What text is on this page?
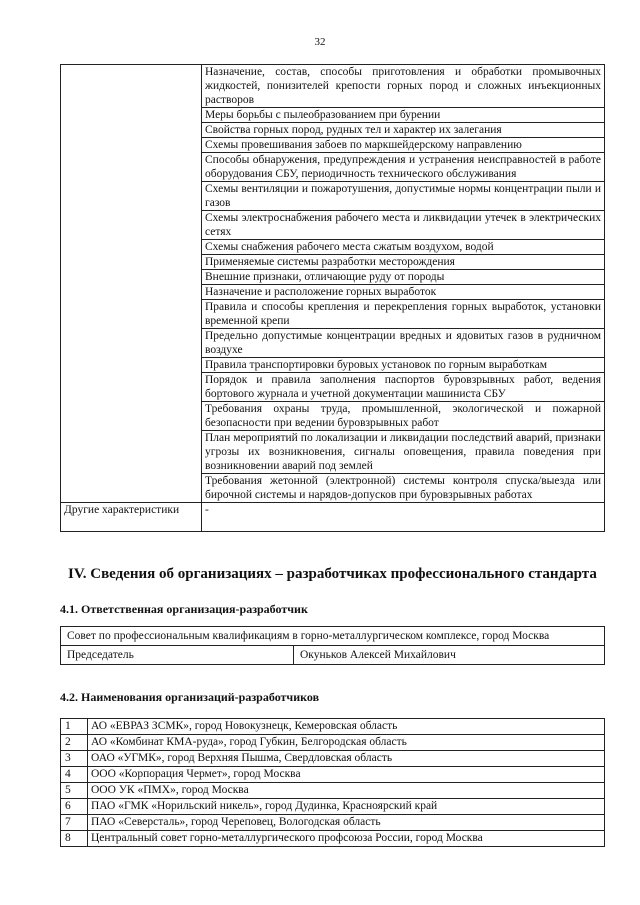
32
	Назначение, состав, способы приготовления и обработки промывочных жидкостей, понизителей крепости горных пород и сложных инъекционных растворов
	Меры борьбы с пылеобразованием при бурении
	Свойства горных пород, рудных тел и характер их залегания
	Схемы провешивания забоев по маркшейдерскому направлению
	Способы обнаружения, предупреждения и устранения неисправностей в работе оборудования СБУ, периодичность технического обслуживания
	Схемы вентиляции и пожаротушения, допустимые нормы концентрации пыли и газов
	Схемы электроснабжения рабочего места и ликвидации утечек в электрических сетях
	Схемы снабжения рабочего места сжатым воздухом, водой
	Применяемые системы разработки месторождения
	Внешние признаки, отличающие руду от породы
	Назначение и расположение горных выработок
	Правила и способы крепления и перекрепления горных выработок, установки временной крепи
	Предельно допустимые концентрации вредных и ядовитых газов в рудничном воздухе
	Правила транспортировки буровых установок по горным выработкам
	Порядок и правила заполнения паспортов буровзрывных работ, ведения бортового журнала и учетной документации машиниста СБУ
	Требования охраны труда, промышленной, экологической и пожарной безопасности при ведении буровзрывных работ
	План мероприятий по локализации и ликвидации последствий аварий, признаки угрозы их возникновения, сигналы оповещения, правила поведения при возникновении аварий под землей
	Требования жетонной (электронной) системы контроля спуска/выезда или бирочной системы и нарядов-допусков при буровзрывных работах
Другие характеристики	-
IV. Сведения об организациях – разработчиках профессионального стандарта
4.1. Ответственная организация-разработчик
Совет по профессиональным квалификациям в горно-металлургическом комплексе, город Москва
Председатель	Окуньков Алексей Михайлович
4.2. Наименования организаций-разработчиков
1	АО «ЕВРАЗ ЗСМК», город Новокузнецк, Кемеровская область
2	АО «Комбинат КМА-руда», город Губкин, Белгородская область
3	ОАО «УГМК», город Верхняя Пышма, Свердловская область
4	ООО «Корпорация Чермет», город Москва
5	ООО УК «ПМХ», город Москва
6	ПАО «ГМК «Норильский никель», город Дудинка, Красноярский край
7	ПАО «Северсталь», город Череповец, Вологодская область
8	Центральный совет горно-металлургического профсоюза России, город Москва
